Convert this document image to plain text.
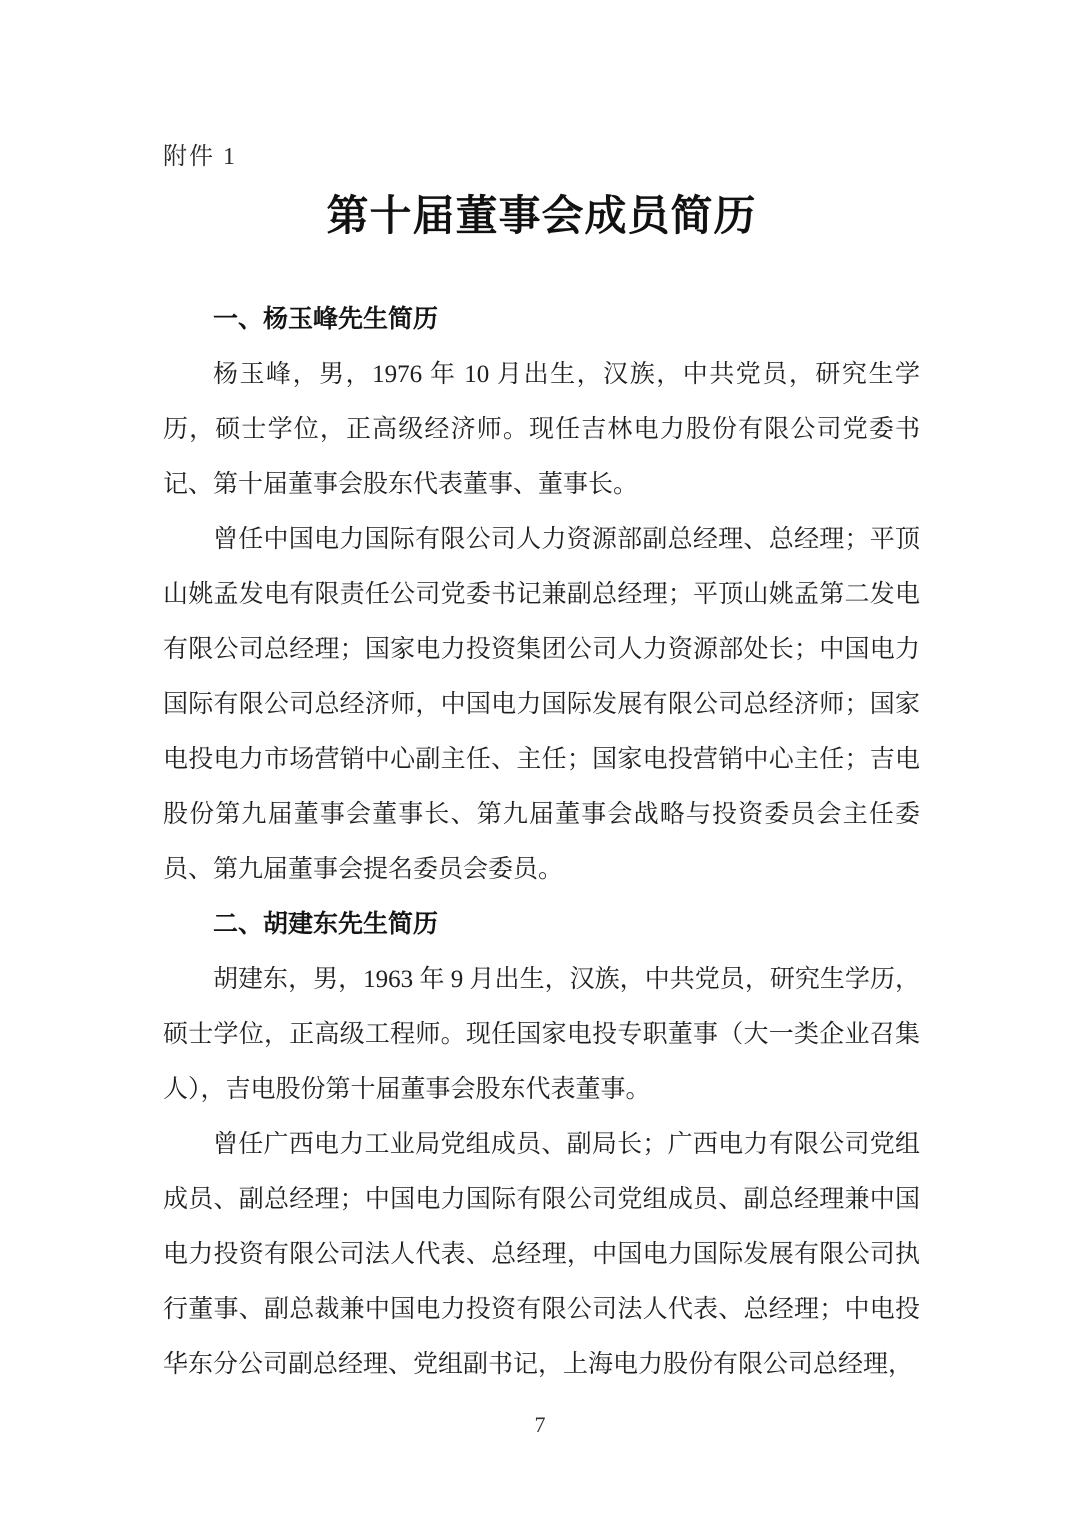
附件 1
第十届董事会成员简历
一、杨玉峰先生简历

杨玉峰，男，1976 年 10 月出生，汉族，中共党员，研究生学历，硕士学位，正高级经济师。现任吉林电力股份有限公司党委书记、第十届董事会股东代表董事、董事长。

曾任中国电力国际有限公司人力资源部副总经理、总经理；平顶山姚孟发电有限责任公司党委书记兼副总经理；平顶山姚孟第二发电有限公司总经理；国家电力投资集团公司人力资源部处长；中国电力国际有限公司总经济师，中国电力国际发展有限公司总经济师；国家电投电力市场营销中心副主任、主任；国家电投营销中心主任；吉电股份第九届董事会董事长、第九届董事会战略与投资委员会主任委员、第九届董事会提名委员会委员。

二、胡建东先生简历

胡建东，男，1963 年 9 月出生，汉族，中共党员，研究生学历，硕士学位，正高级工程师。现任国家电投专职董事（大一类企业召集人），吉电股份第十届董事会股东代表董事。

曾任广西电力工业局党组成员、副局长；广西电力有限公司党组成员、副总经理；中国电力国际有限公司党组成员、副总经理兼中国电力投资有限公司法人代表、总经理，中国电力国际发展有限公司执行董事、副总裁兼中国电力投资有限公司法人代表、总经理；中电投华东分公司副总经理、党组副书记，上海电力股份有限公司总经理，

7
